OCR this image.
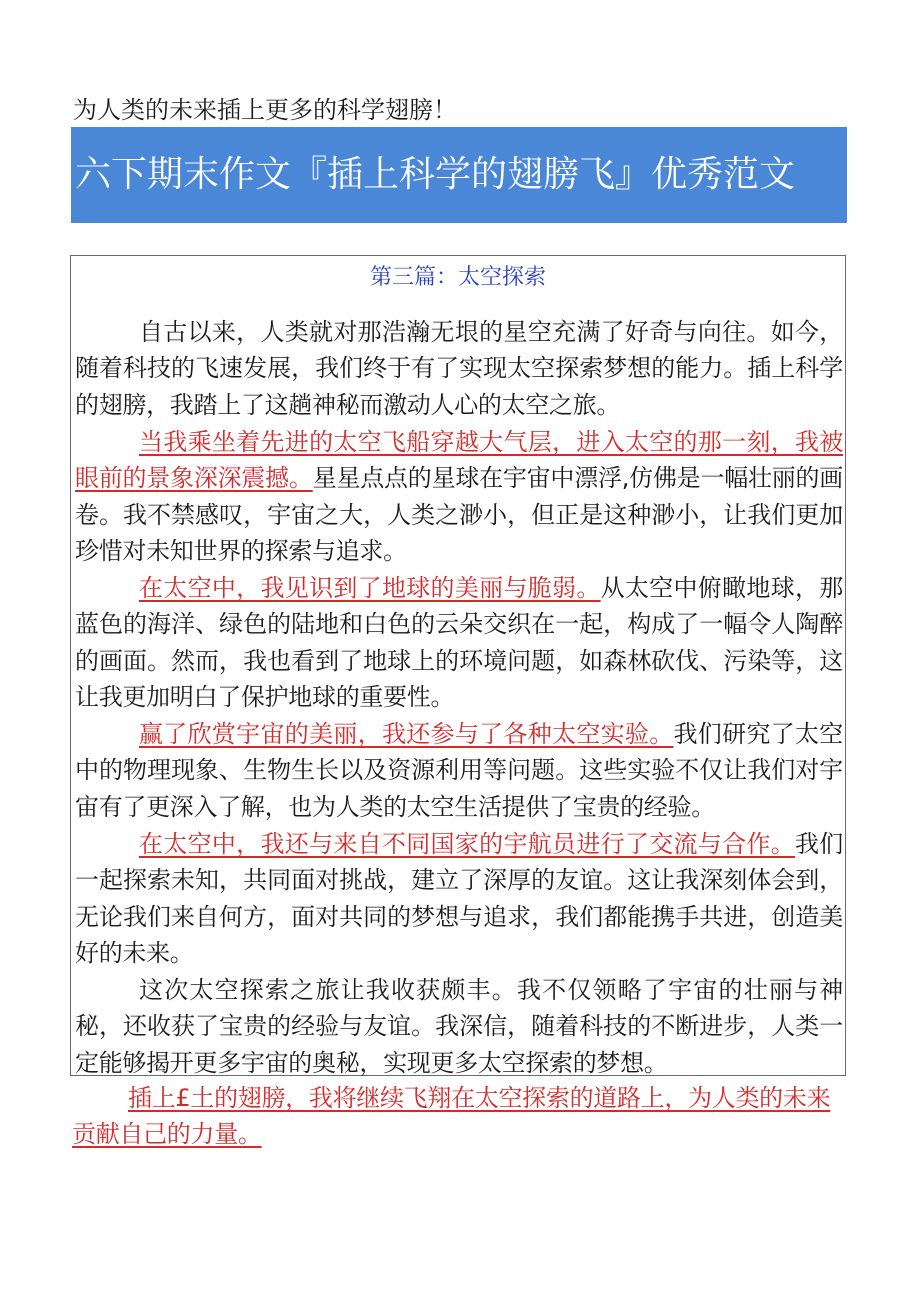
为人类的未来插上更多的科学翅膀！
六下期末作文『插上科学的翅膀飞』优秀范文
第三篇：太空探索

自古以来，人类就对那浩瀚无垠的星空充满了好奇与向往。如今，随着科技的飞速发展，我们终于有了实现太空探索梦想的能力。插上科学的翅膀，我踏上了这趟神秘而激动人心的太空之旅。

当我乘坐着先进的太空飞船穿越大气层，进入太空的那一刻，我被眼前的景象深深震撼。星星点点的星球在宇宙中漂浮,仿佛是一幅壮丽的画卷。我不禁感叹，宇宙之大，人类之渺小，但正是这种渺小，让我们更加珍惜对未知世界的探索与追求。

在太空中，我见识到了地球的美丽与脆弱。从太空中俯瞰地球，那蓝色的海洋、绿色的陆地和白色的云朵交织在一起，构成了一幅令人陶醉的画面。然而，我也看到了地球上的环境问题，如森林砍伐、污染等，这让我更加明白了保护地球的重要性。

赢了欣赏宇宙的美丽，我还参与了各种太空实验。我们研究了太空中的物理现象、生物生长以及资源利用等问题。这些实验不仅让我们对宇宙有了更深入了解，也为人类的太空生活提供了宝贵的经验。

在太空中，我还与来自不同国家的宇航员进行了交流与合作。我们一起探索未知，共同面对挑战，建立了深厚的友谊。这让我深刻体会到，无论我们来自何方，面对共同的梦想与追求，我们都能携手共进，创造美好的未来。

这次太空探索之旅让我收获颇丰。我不仅领略了宇宙的壮丽与神秘，还收获了宝贵的经验与友谊。我深信，随着科技的不断进步，人类一定能够揭开更多宇宙的奥秘，实现更多太空探索的梦想。

插上£土的翅膀，我将继续飞翔在太空探索的道路上，为人类的未来贡献自己的力量。
